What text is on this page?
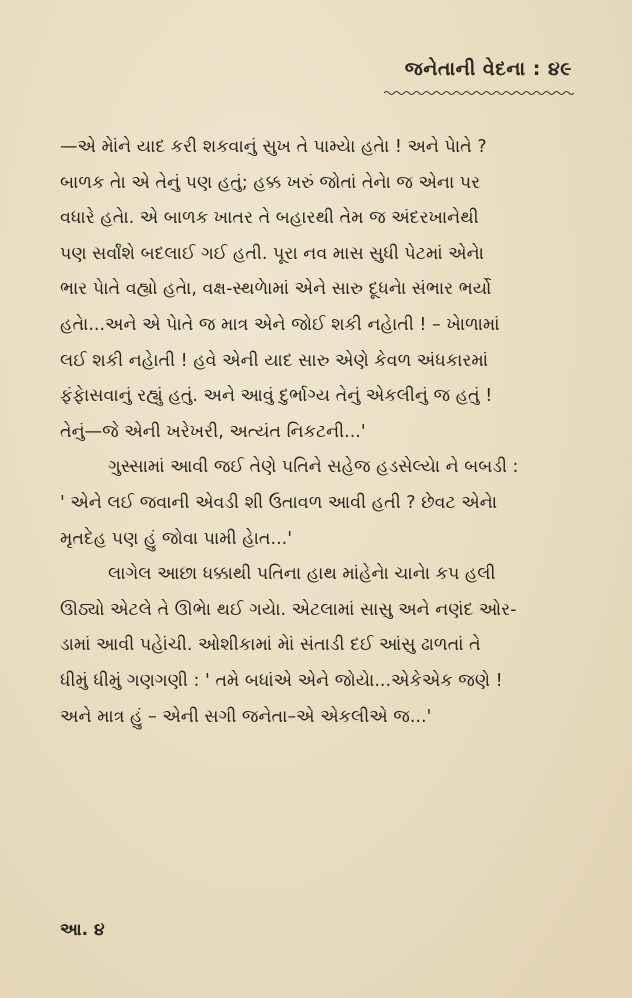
જનેતાની વેદના : ૪૯

—એ મેાંને યાદ કરી શકવાનું સુખ તે પામ્યેા હતેા ! અને પેાતે ?
બાળક તેા એ તેનું પણ હતું; હક્ક ખરું જોતાં તેનેા જ એના પર
વધારે હતેા. એ બાળક ખાતર તે બહારથી તેમ જ અંદરખાનેથી
પણ સર્વાંશે બદલાઈ ગઈ હતી. પૂરા નવ માસ સુધી પેટમાં એનેા
ભાર પેાતે વહ્યો હતેા, વક્ષ-સ્થળેામાં એને સારુ દૂધનેા સંભાર ભર્યો
હતેા...અને એ પેાતે જ માત્ર એને જોઈ શકી નહેાતી ! – ખેાળામાં
લઈ શકી નહેાતી ! હવે એની યાદ સારુ એણે કેવળ અંધકારમાં
ફંફેાસવાનું રહ્યું હતું. અને આવું દુર્ભાગ્ય તેનું એકલીનું જ હતું !
તેનું—જે એની ખરેખરી, અત્યંત નિકટની...'

ગુસ્સામાં આવી જઈ તેણે પતિને સહેજ હડસેલ્યેા ને બબડી :
' એને લઈ જવાની એવડી શી ઉતાવળ આવી હતી ? છેવટ એનેા
મૃતદેહ પણ હું જોવા પામી હેાત...'

લાગેલ આછા ધક્કાથી પતિના હાથ માંહેનેા ચાનેા કપ હલી
ઊઠ્યો એટલે તે ઊભેા થઈ ગયેા. એટલામાં સાસુ અને નણંદ ઓર-
ડામાં આવી પહેાંચી. ઓશીકામાં મેાં સંતાડી દઈ આંસુ ઢાળતાં તે
ધીમું ધીમું ગણગણી : ' તમે બધાંએ એને જોયેા...એકેએક જણે !
અને માત્ર હું – એની સગી જનેતા–એ એકલીએ જ...'

આ. ૪
